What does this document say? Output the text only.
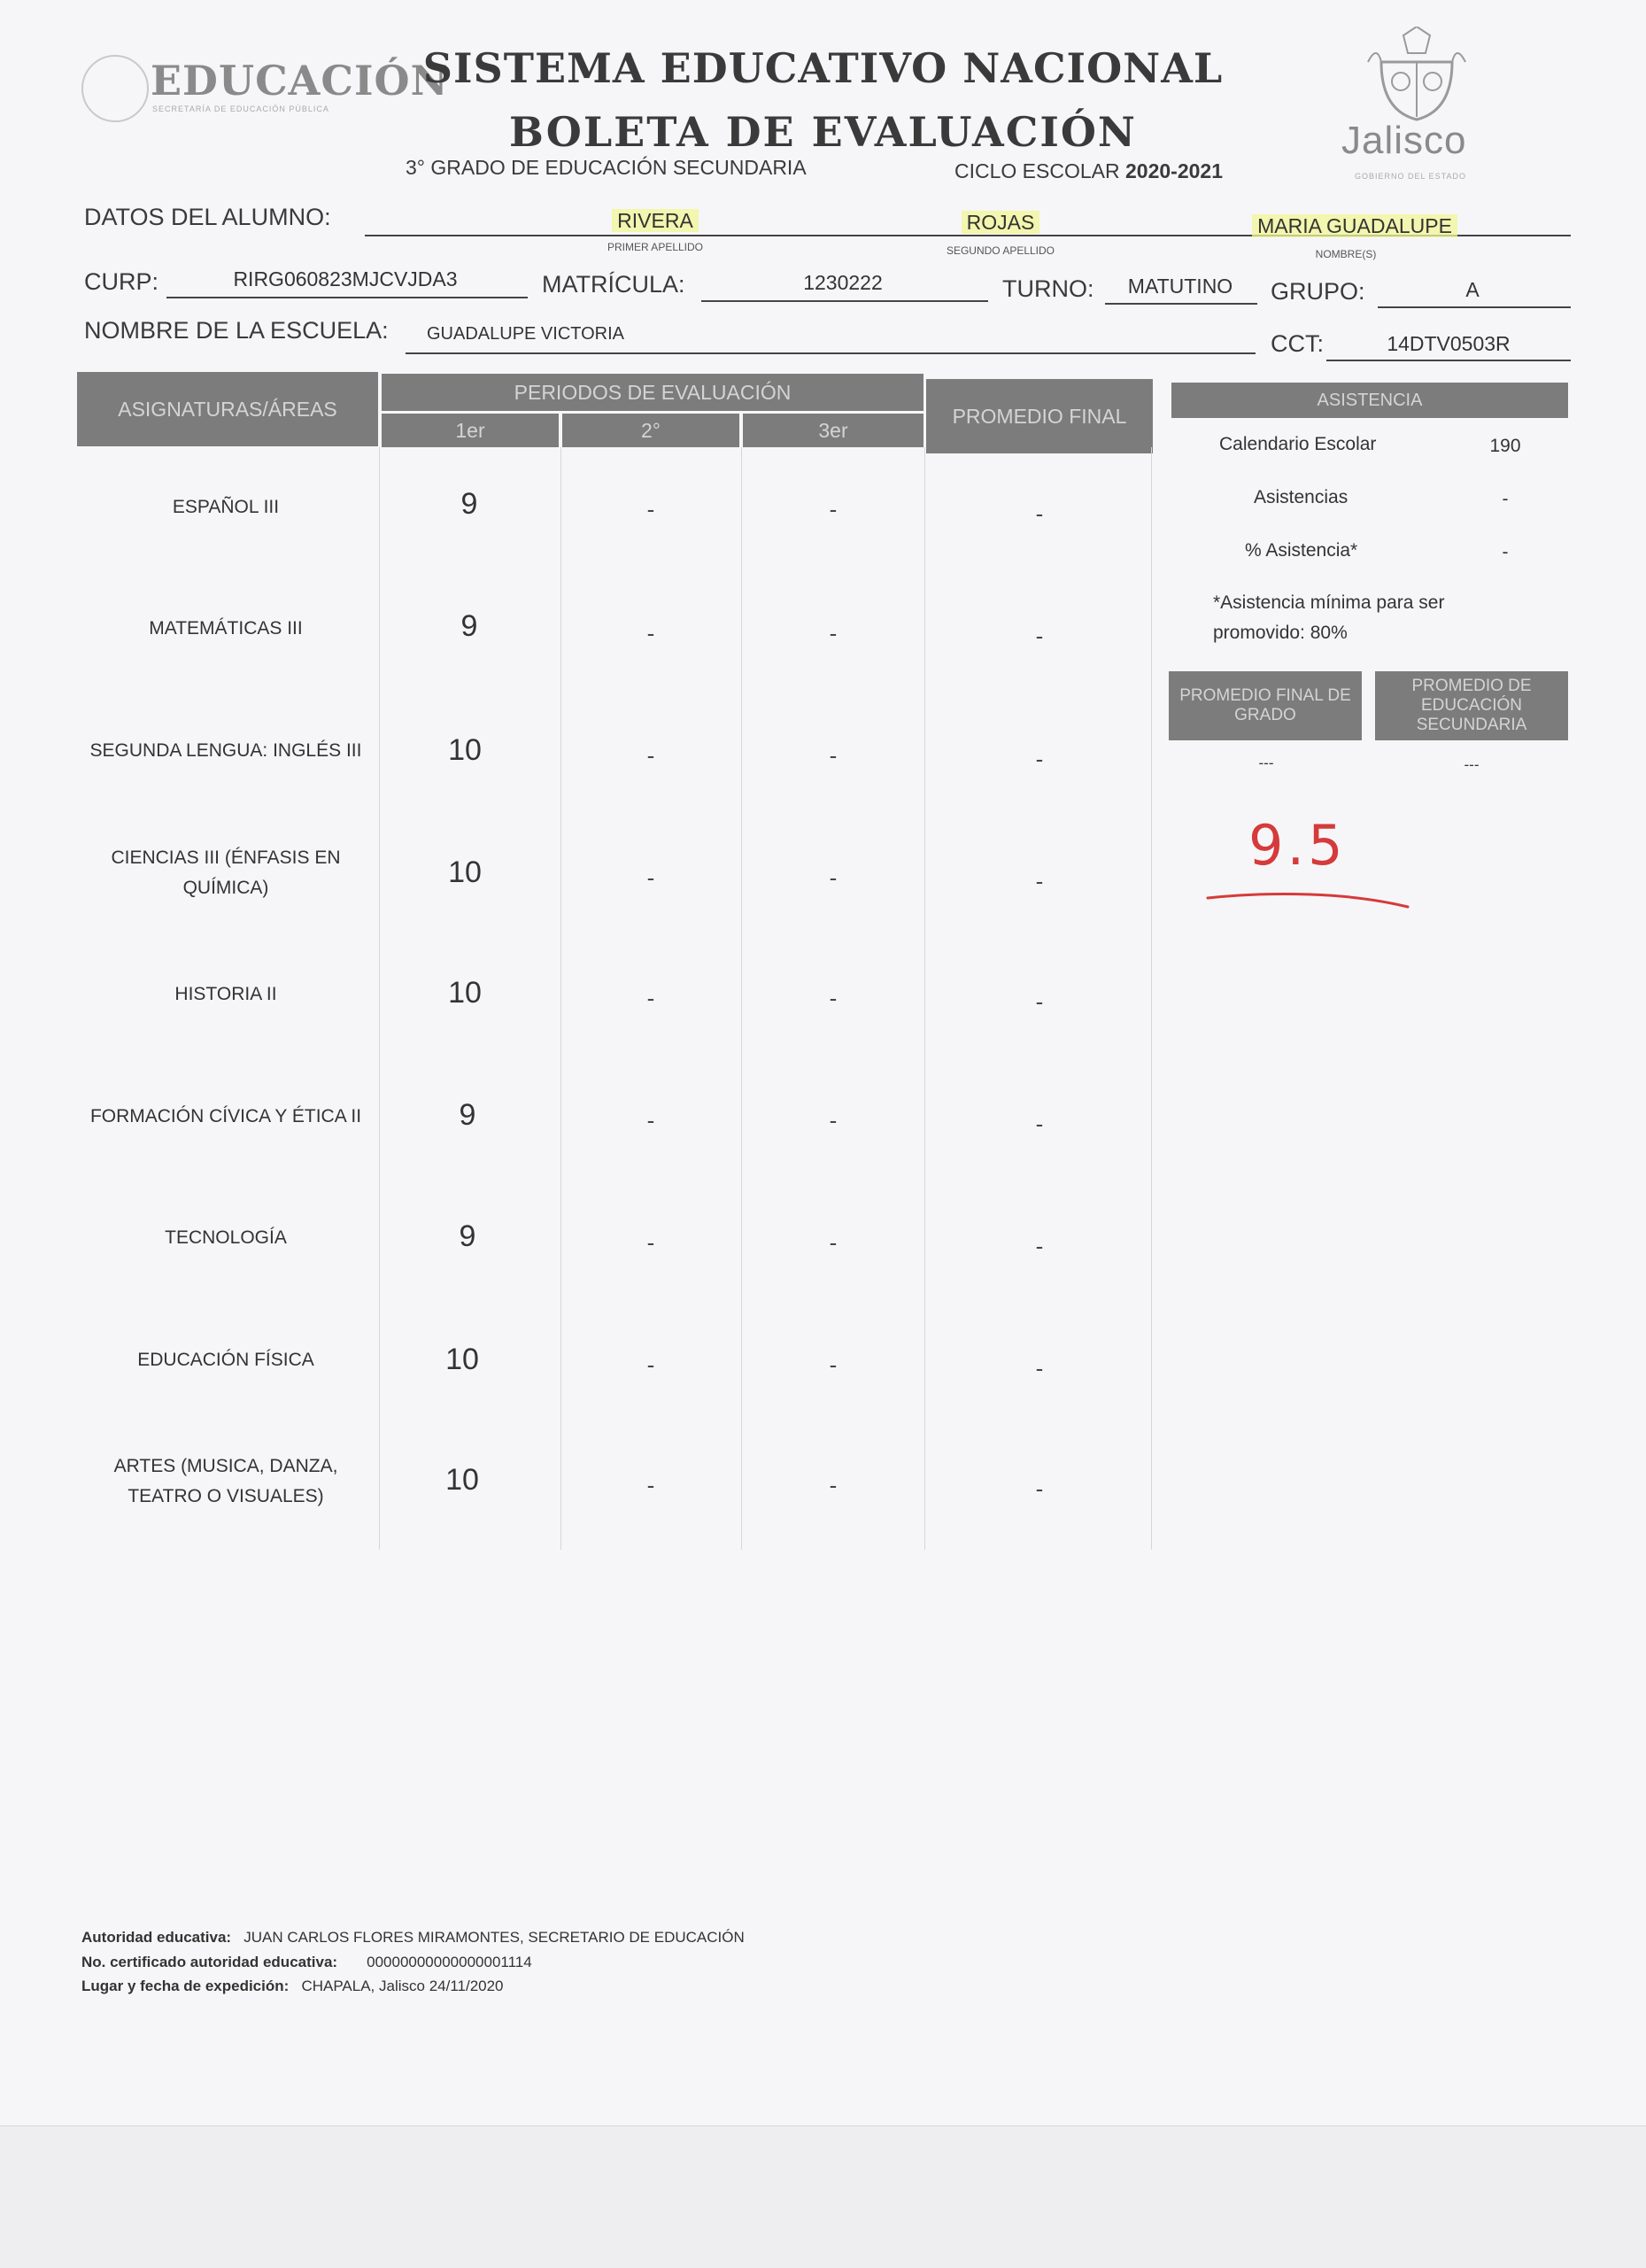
EDUCACIÓN
SECRETARÍA DE EDUCACIÓN PÚBLICA
SISTEMA EDUCATIVO NACIONAL
BOLETA DE EVALUACIÓN
3° GRADO DE EDUCACIÓN SECUNDARIA	CICLO ESCOLAR 2020-2021
Jalisco
GOBIERNO DEL ESTADO
DATOS DEL ALUMNO:	RIVERA
PRIMER APELLIDO
ROJAS
SEGUNDO APELLIDO
MARIA GUADALUPE
NOMBRE(S)
CURP:	RIRG060823MJCVJDA3	MATRÍCULA:	1230222	TURNO:	MATUTINO	GRUPO:	A
NOMBRE DE LA ESCUELA: GUADALUPE VICTORIA	CCT:	14DTV0503R
ASIGNATURAS/ÁREAS
PERIODOS DE EVALUACIÓN
1er	2°	3er
PROMEDIO FINAL
ESPAÑOL III	9	-	-	-
MATEMÁTICAS III	9	-	-	-
SEGUNDA LENGUA: INGLÉS III	10	-	-	-
CIENCIAS III (ÉNFASIS EN QUÍMICA)	10	-	-	-
HISTORIA II	10	-	-	-
FORMACIÓN CÍVICA Y ÉTICA II	9	-	-	-
TECNOLOGÍA	9	-	-	-
EDUCACIÓN FÍSICA	10	-	-	-
ARTES (MUSICA, DANZA, TEATRO O VISUALES)	10	-	-	-
ASISTENCIA
Calendario Escolar	190
Asistencias	-
% Asistencia*	-
*Asistencia mínima para ser promovido: 80%
PROMEDIO FINAL DE GRADO
PROMEDIO DE EDUCACIÓN SECUNDARIA
---	---
9.5
Autoridad educativa: JUAN CARLOS FLORES MIRAMONTES, SECRETARIO DE EDUCACIÓN
No. certificado autoridad educativa: 00000000000000001114
Lugar y fecha de expedición: CHAPALA, Jalisco 24/11/2020
